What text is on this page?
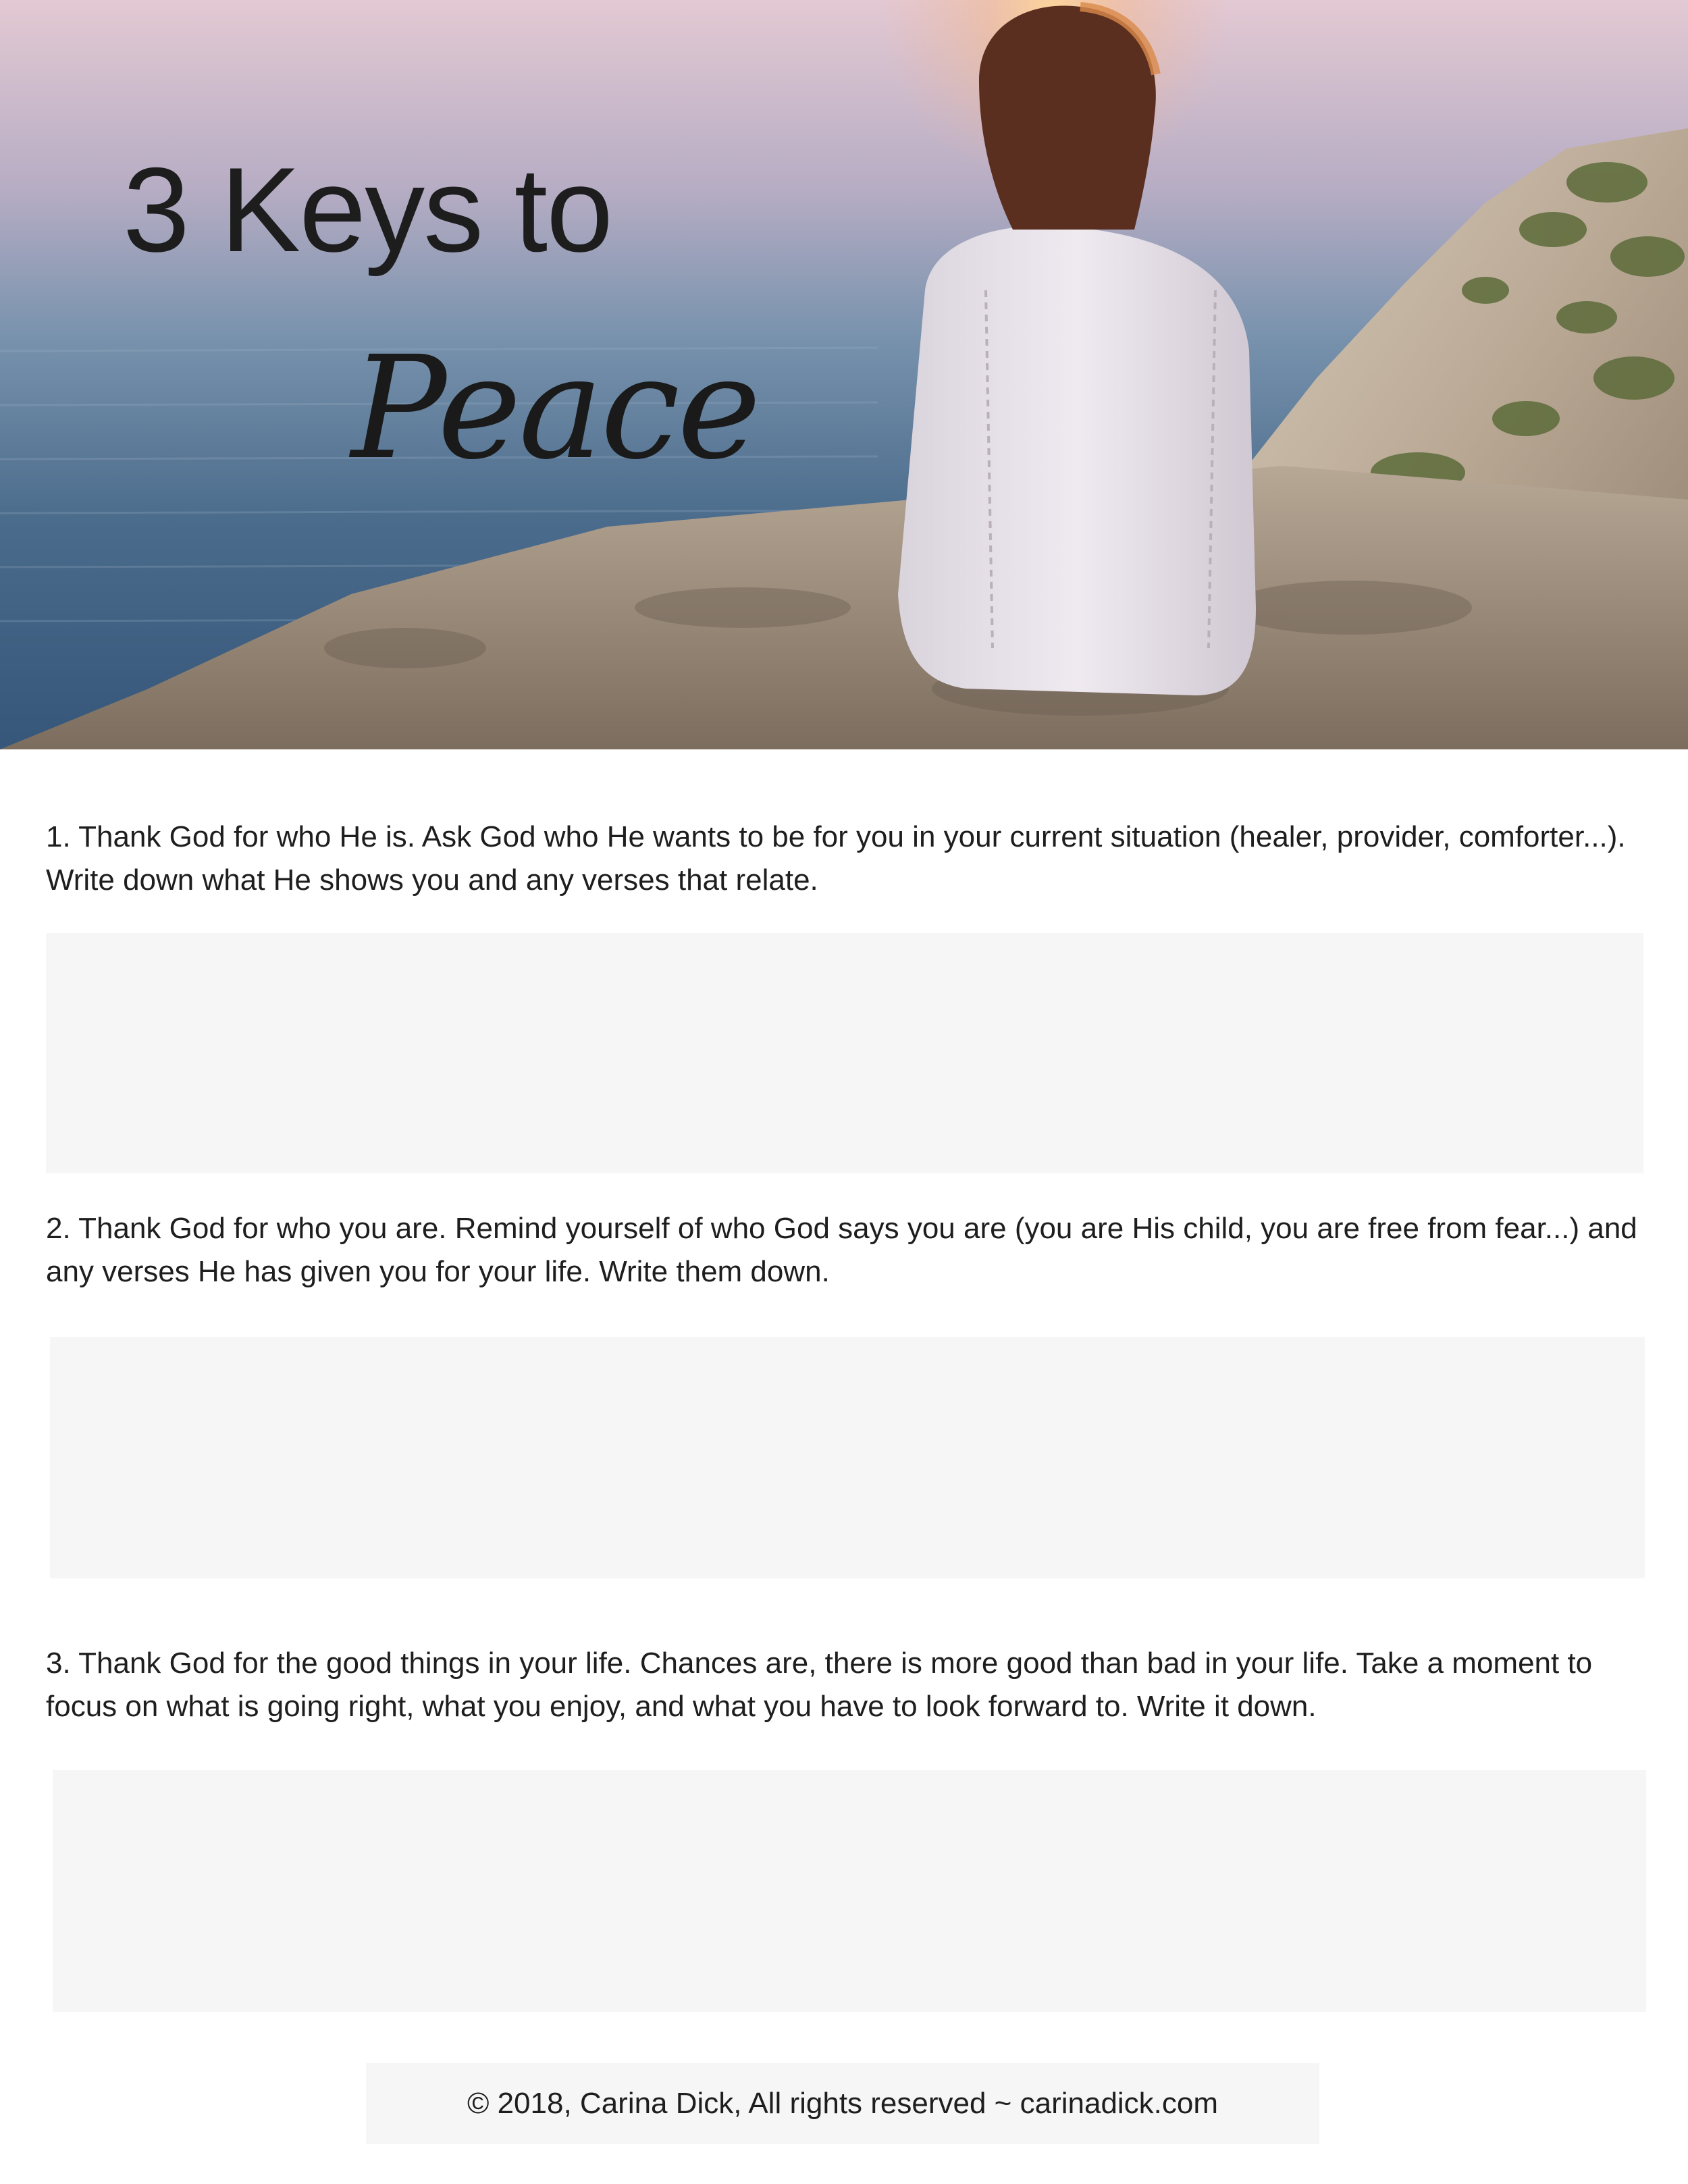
3 Keys to
Peace
1. Thank God for who He is. Ask God who He wants to be for you in your current situation (healer, provider, comforter...). Write down what He shows you and any verses that relate.
2. Thank God for who you are. Remind yourself of who God says you are (you are His child, you are free from fear...) and any verses He has given you for your life. Write them down.
3. Thank God for the good things in your life. Chances are, there is more good than bad in your life. Take a moment to focus on what is going right, what you enjoy, and what you have to look forward to. Write it down.
© 2018, Carina Dick, All rights reserved ~ carinadick.com
